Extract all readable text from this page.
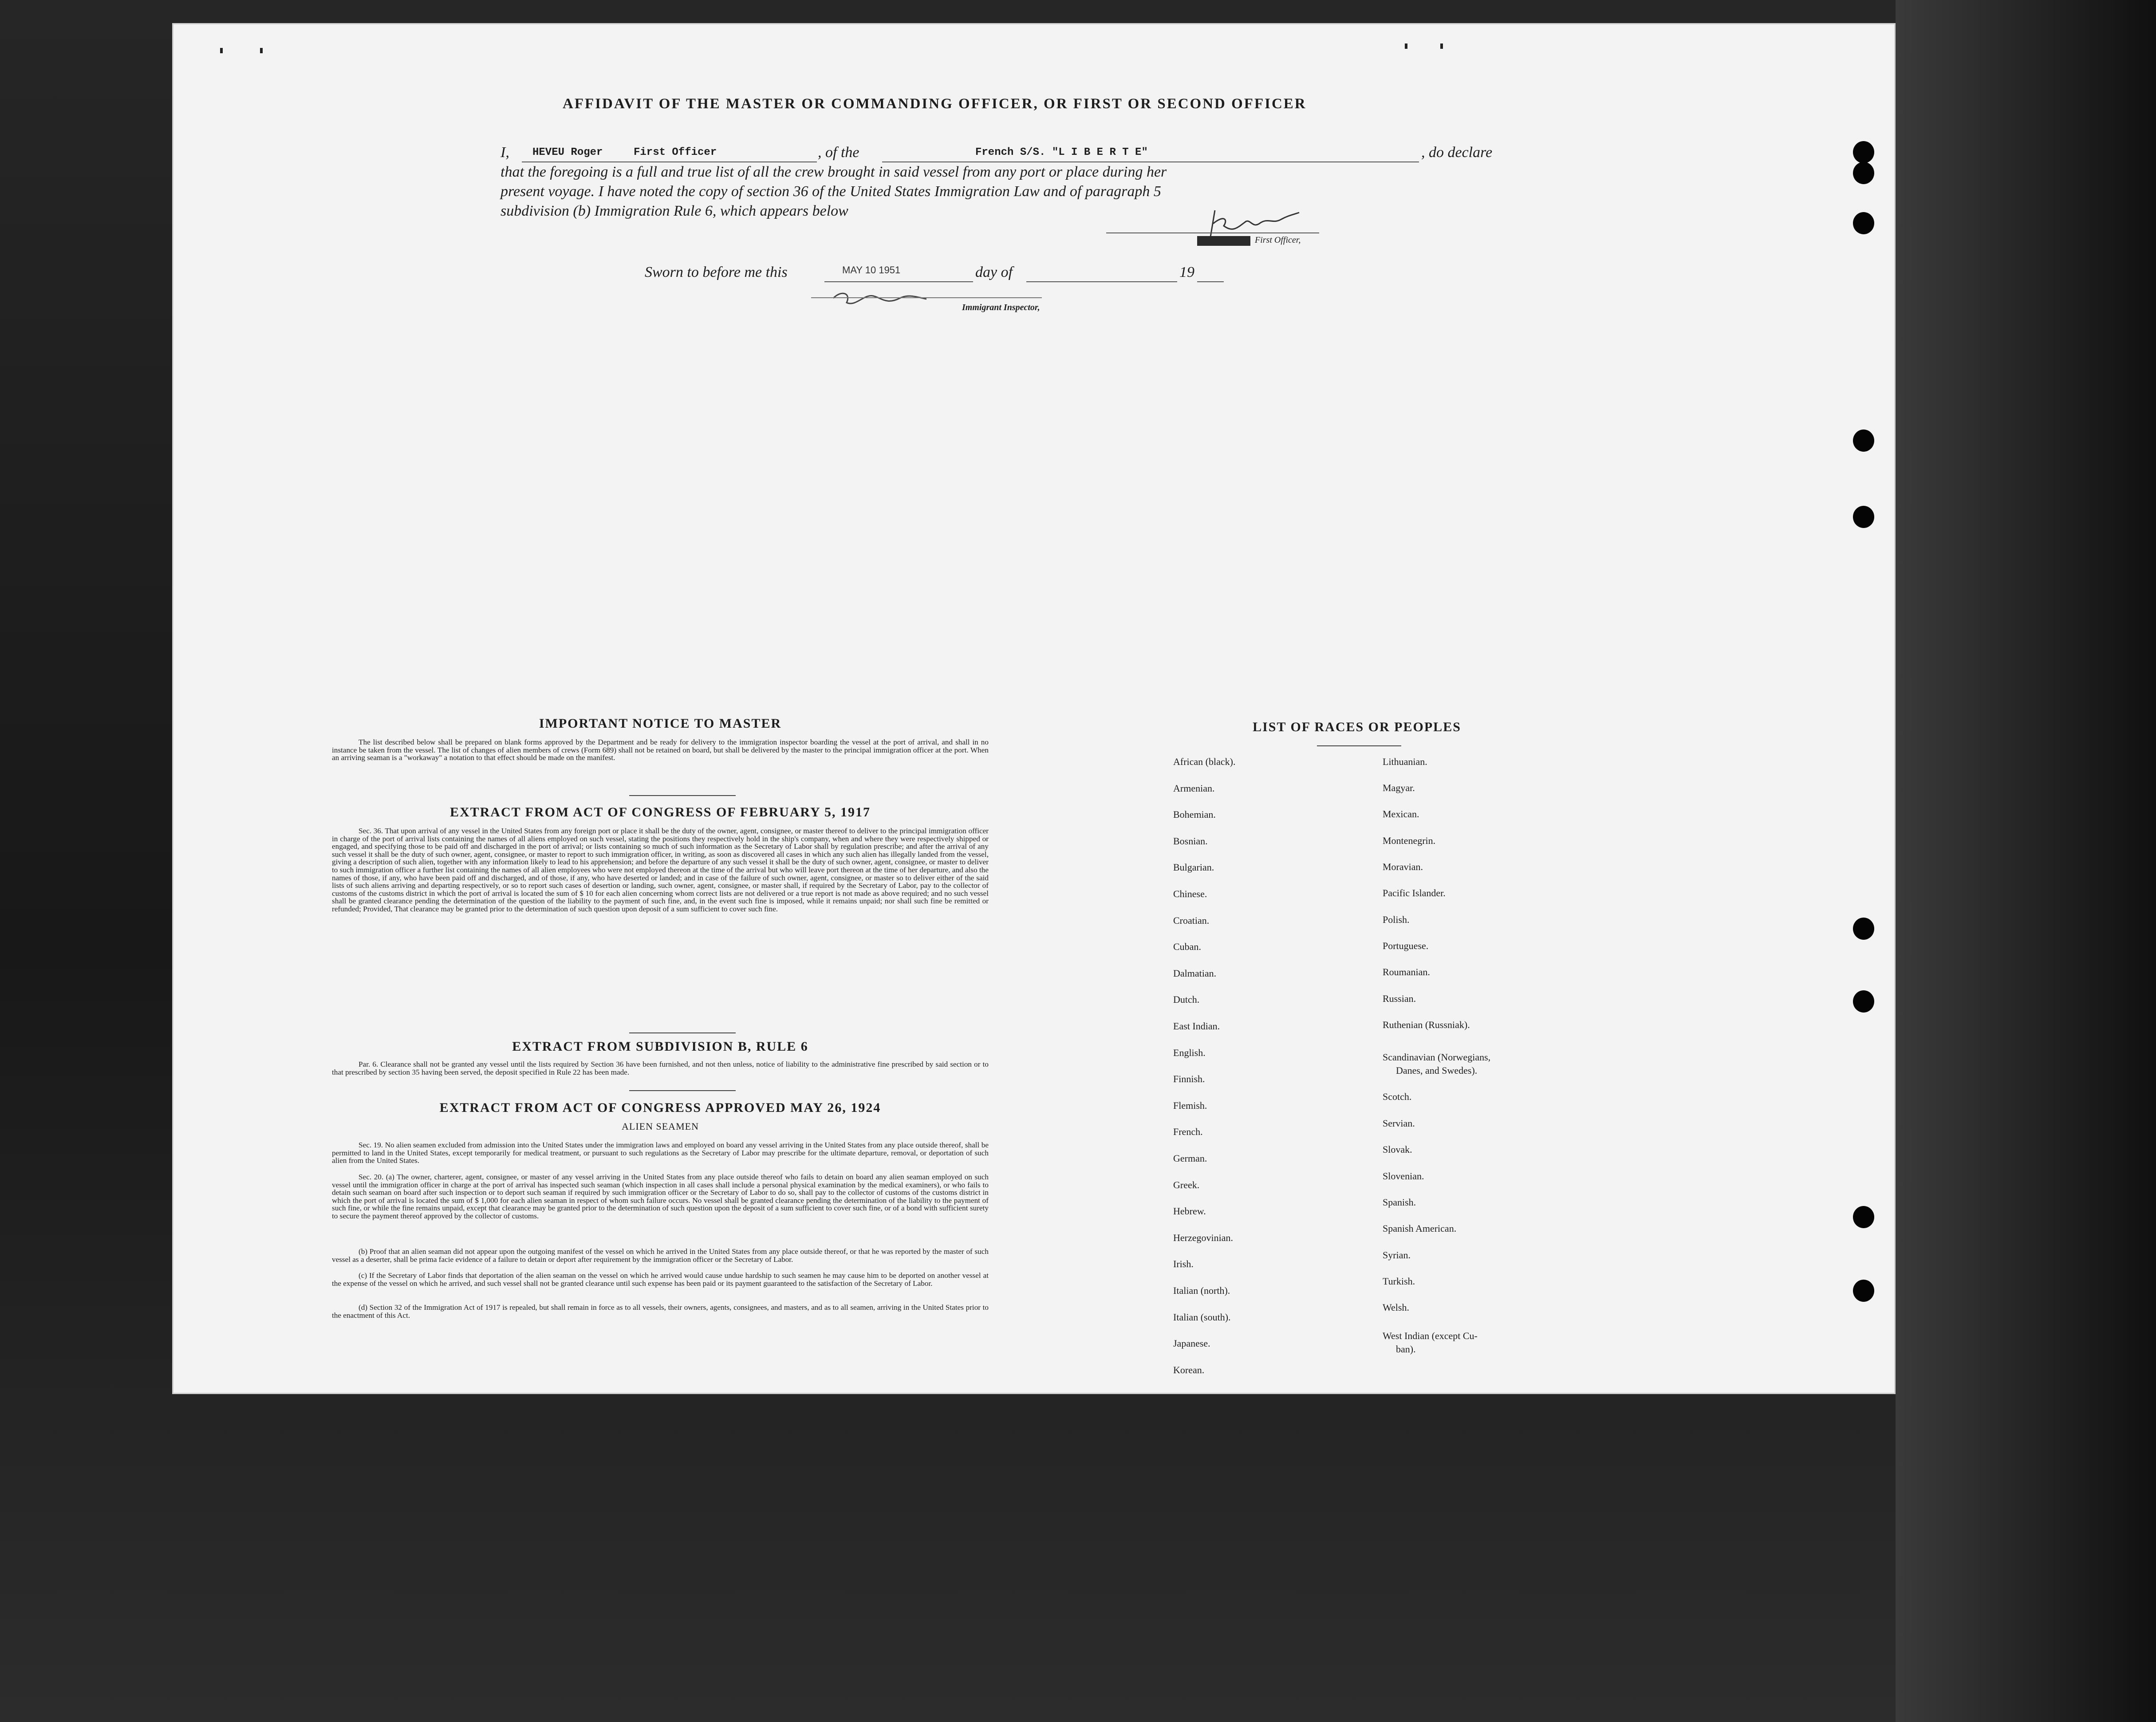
AFFIDAVIT OF THE MASTER OR COMMANDING OFFICER, OR FIRST OR SECOND OFFICER
I, HEVEU Roger	First Officer	, of the	French S/S. "L I B E R T E"	, do declare
that the foregoing is a full and true list of all the crew brought in said vessel from any port or place during her
present voyage. I have noted the copy of section 36 of the United States Immigration Law and of paragraph 5
subdivision (b) Immigration Rule 6, which appears below
First Officer,
Sworn to before me this	MAY 10 1951	day of	19
Immigrant Inspector,
IMPORTANT NOTICE TO MASTER
The list described below shall be prepared on blank forms approved by the Department and be ready for delivery to the immigration inspector boarding the vessel at the port of arrival, and shall in no instance be taken from the vessel. The list of changes of alien members of crews (Form 689) shall not be retained on board, but shall be delivered by the master to the principal immigration officer at the port. When an arriving seaman is a "workaway" a notation to that effect should be made on the manifest.
EXTRACT FROM ACT OF CONGRESS OF FEBRUARY 5, 1917
Sec. 36. That upon arrival of any vessel in the United States from any foreign port or place it shall be the duty of the owner, agent, consignee, or master thereof to deliver to the principal immigration officer in charge of the port of arrival lists containing the names of all aliens employed on such vessel, stating the positions they respectively hold in the ship's company, when and where they were respectively shipped or engaged, and specifying those to be paid off and discharged in the port of arrival; or lists containing so much of such information as the Secretary of Labor shall by regulation prescribe; and after the arrival of any such vessel it shall be the duty of such owner, agent, consignee, or master to report to such immigration officer, in writing, as soon as discovered all cases in which any such alien has illegally landed from the vessel, giving a description of such alien, together with any information likely to lead to his apprehension; and before the departure of any such vessel it shall be the duty of such owner, agent, consignee, or master to deliver to such immigration officer a further list containing the names of all alien employees who were not employed thereon at the time of the arrival but who will leave port thereon at the time of her departure, and also the names of those, if any, who have been paid off and discharged, and of those, if any, who have deserted or landed; and in case of the failure of such owner, agent, consignee, or master so to deliver either of the said lists of such aliens arriving and departing respectively, or so to report such cases of desertion or landing, such owner, agent, consignee, or master shall, if required by the Secretary of Labor, pay to the collector of customs of the customs district in which the port of arrival is located the sum of $ 10 for each alien concerning whom correct lists are not delivered or a true report is not made as above required; and no such vessel shall be granted clearance pending the determination of the question of the liability to the payment of such fine, and, in the event such fine is imposed, while it remains unpaid; nor shall such fine be remitted or refunded; Provided, That clearance may be granted prior to the determination of such question upon deposit of a sum sufficient to cover such fine.
EXTRACT FROM SUBDIVISION B, RULE 6
Par. 6. Clearance shall not be granted any vessel until the lists required by Section 36 have been furnished, and not then unless, notice of liability to the administrative fine prescribed by said section or to that prescribed by section 35 having been served, the deposit specified in Rule 22 has been made.
EXTRACT FROM ACT OF CONGRESS APPROVED MAY 26, 1924
ALIEN SEAMEN
Sec. 19. No alien seamen excluded from admission into the United States under the immigration laws and employed on board any vessel arriving in the United States from any place outside thereof, shall be permitted to land in the United States, except temporarily for medical treatment, or pursuant to such regulations as the Secretary of Labor may prescribe for the ultimate departure, removal, or deportation of such alien from the United States.
Sec. 20. (a) The owner, charterer, agent, consignee, or master of any vessel arriving in the United States from any place outside thereof who fails to detain on board any alien seaman employed on such vessel until the immigration officer in charge at the port of arrival has inspected such seaman (which inspection in all cases shall include a personal physical examination by the medical examiners), or who fails to detain such seaman on board after such inspection or to deport such seaman if required by such immigration officer or the Secretary of Labor to do so, shall pay to the collector of customs of the customs district in which the port of arrival is located the sum of $ 1,000 for each alien seaman in respect of whom such failure occurs. No vessel shall be granted clearance pending the determination of the liability to the payment of such fine, or while the fine remains unpaid, except that clearance may be granted prior to the determination of such question upon the deposit of a sum sufficient to cover such fine, or of a bond with sufficient surety to secure the payment thereof approved by the collector of customs.
(b) Proof that an alien seaman did not appear upon the outgoing manifest of the vessel on which he arrived in the United States from any place outside thereof, or that he was reported by the master of such vessel as a deserter, shall be prima facie evidence of a failure to detain or deport after requirement by the immigration officer or the Secretary of Labor.
(c) If the Secretary of Labor finds that deportation of the alien seaman on the vessel on which he arrived would cause undue hardship to such seamen he may cause him to be deported on another vessel at the expense of the vessel on which he arrived, and such vessel shall not be granted clearance until such expense has been paid or its payment guaranteed to the satisfaction of the Secretary of Labor.
(d) Section 32 of the Immigration Act of 1917 is repealed, but shall remain in force as to all vessels, their owners, agents, consignees, and masters, and as to all seamen, arriving in the United States prior to the enactment of this Act.
LIST OF RACES OR PEOPLES
African (black).
Armenian.
Bohemian.
Bosnian.
Bulgarian.
Chinese.
Croatian.
Cuban.
Dalmatian.
Dutch.
East Indian.
English.
Finnish.
Flemish.
French.
German.
Greek.
Hebrew.
Herzegovinian.
Irish.
Italian (north).
Italian (south).
Japanese.
Korean.
Lithuanian.
Magyar.
Mexican.
Montenegrin.
Moravian.
Pacific Islander.
Polish.
Portuguese.
Roumanian.
Russian.
Ruthenian (Russniak).
Scandinavian (Norwegians,
Danes, and Swedes).
Scotch.
Servian.
Slovak.
Slovenian.
Spanish.
Spanish American.
Syrian.
Turkish.
Welsh.
West Indian (except Cu-
ban).
